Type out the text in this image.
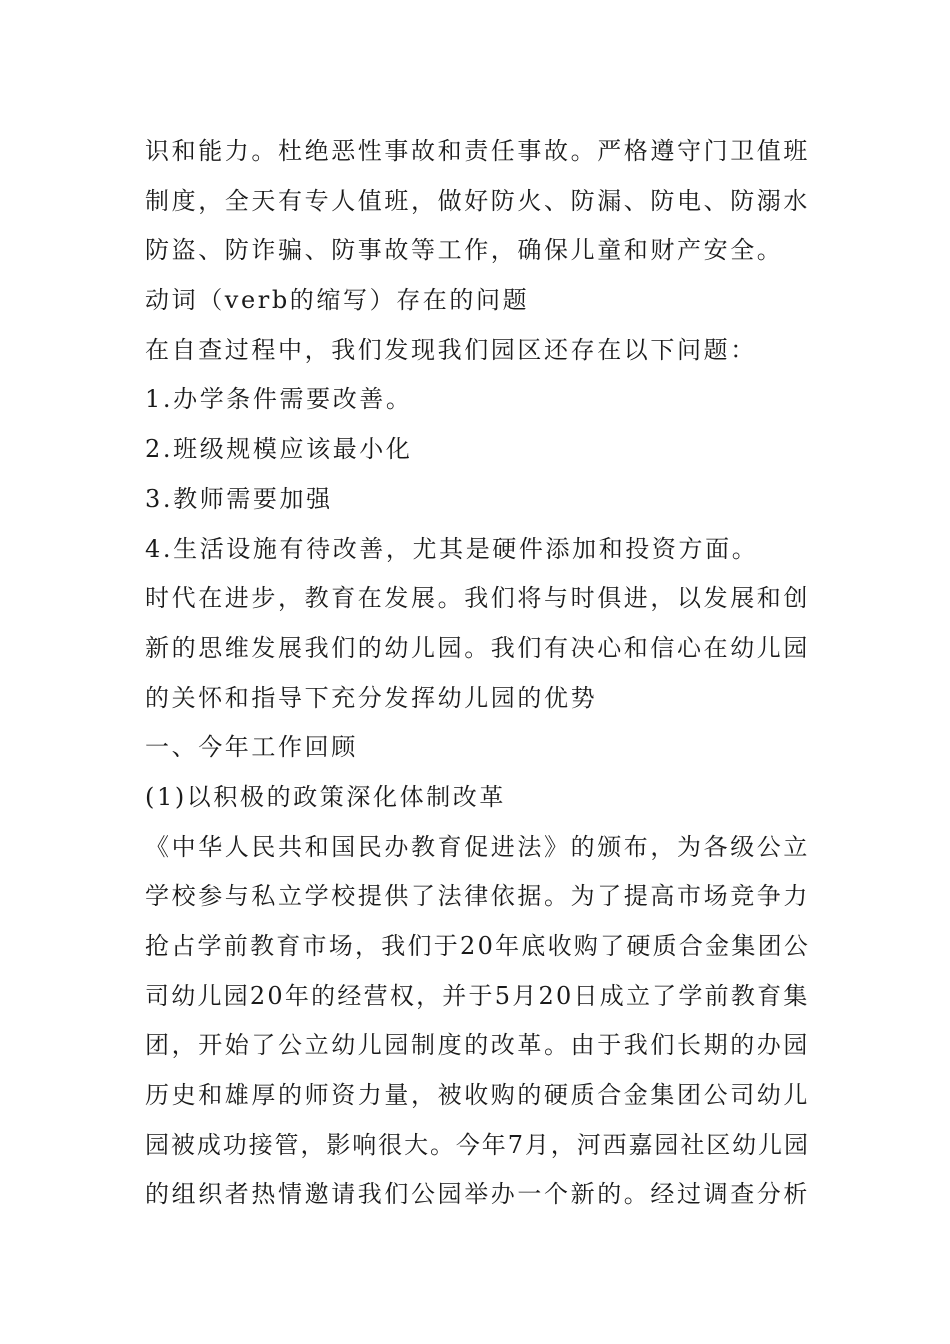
识和能力。杜绝恶性事故和责任事故。严格遵守门卫值班
制度，全天有专人值班，做好防火、防漏、防电、防溺水
防盗、防诈骗、防事故等工作，确保儿童和财产安全。
动词（verb的缩写）存在的问题
在自查过程中，我们发现我们园区还存在以下问题：
1.办学条件需要改善。
2.班级规模应该最小化
3.教师需要加强
4.生活设施有待改善，尤其是硬件添加和投资方面。
时代在进步，教育在发展。我们将与时俱进，以发展和创
新的思维发展我们的幼儿园。我们有决心和信心在幼儿园
的关怀和指导下充分发挥幼儿园的优势
一、今年工作回顾
(1)以积极的政策深化体制改革
《中华人民共和国民办教育促进法》的颁布，为各级公立
学校参与私立学校提供了法律依据。为了提高市场竞争力
抢占学前教育市场，我们于20年底收购了硬质合金集团公
司幼儿园20年的经营权，并于5月20日成立了学前教育集
团，开始了公立幼儿园制度的改革。由于我们长期的办园
历史和雄厚的师资力量，被收购的硬质合金集团公司幼儿
园被成功接管，影响很大。今年7月，河西嘉园社区幼儿园
的组织者热情邀请我们公园举办一个新的。经过调查分析
